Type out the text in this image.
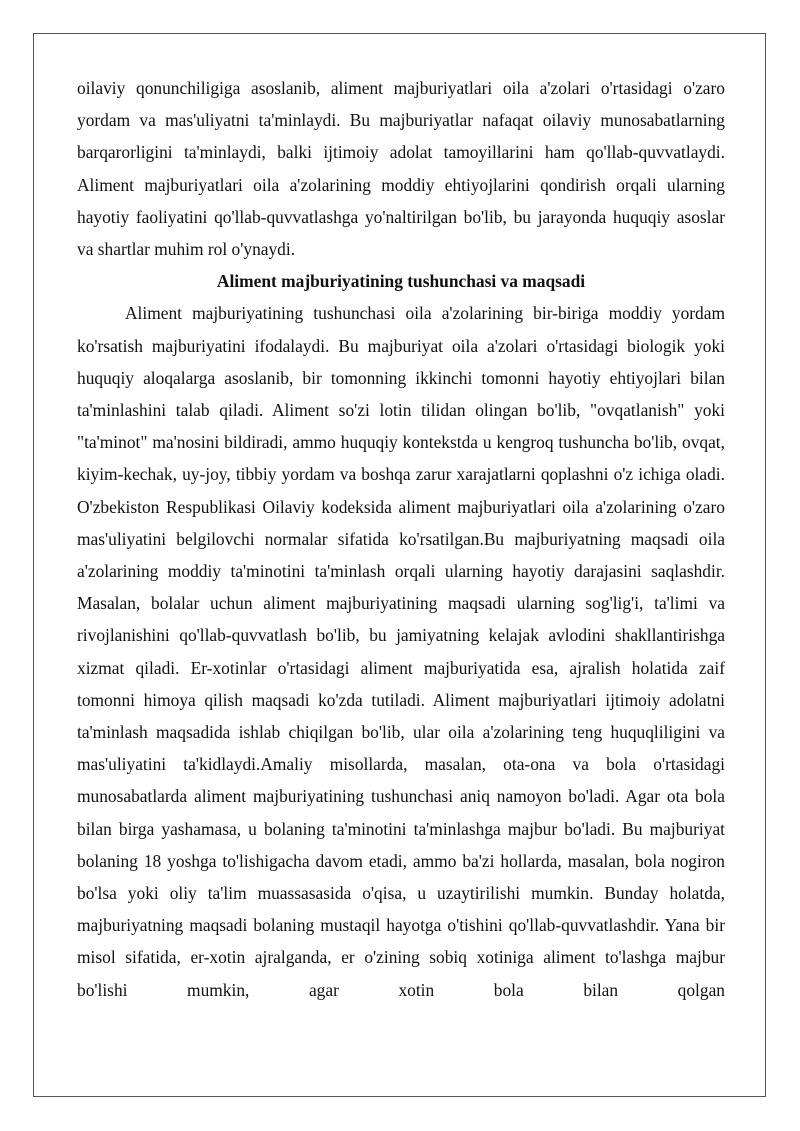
oilaviy qonunchiligiga asoslanib, aliment majburiyatlari oila a'zolari o'rtasidagi o'zaro yordam va mas'uliyatni ta'minlaydi. Bu majburiyatlar nafaqat oilaviy munosabatlarning barqarorligini ta'minlaydi, balki ijtimoiy adolat tamoyillarini ham qo'llab-quvvatlaydi. Aliment majburiyatlari oila a'zolarining moddiy ehtiyojlarini qondirish orqali ularning hayotiy faoliyatini qo'llab-quvvatlashga yo'naltirilgan bo'lib, bu jarayonda huquqiy asoslar va shartlar muhim rol o'ynaydi.

Aliment majburiyatining tushunchasi va maqsadi

Aliment majburiyatining tushunchasi oila a'zolarining bir-biriga moddiy yordam ko'rsatish majburiyatini ifodalaydi. Bu majburiyat oila a'zolari o'rtasidagi biologik yoki huquqiy aloqalarga asoslanib, bir tomonning ikkinchi tomonni hayotiy ehtiyojlari bilan ta'minlashini talab qiladi. Aliment so'zi lotin tilidan olingan bo'lib, "ovqatlanish" yoki "ta'minot" ma'nosini bildiradi, ammo huquqiy kontekstda u kengroq tushuncha bo'lib, ovqat, kiyim-kechak, uy-joy, tibbiy yordam va boshqa zarur xarajatlarni qoplashni o'z ichiga oladi. O'zbekiston Respublikasi Oilaviy kodeksida aliment majburiyatlari oila a'zolarining o'zaro mas'uliyatini belgilovchi normalar sifatida ko'rsatilgan.Bu majburiyatning maqsadi oila a'zolarining moddiy ta'minotini ta'minlash orqali ularning hayotiy darajasini saqlashdir. Masalan, bolalar uchun aliment majburiyatining maqsadi ularning sog'lig'i, ta'limi va rivojlanishini qo'llab-quvvatlash bo'lib, bu jamiyatning kelajak avlodini shakllantirishga xizmat qiladi. Er-xotinlar o'rtasidagi aliment majburiyatida esa, ajralish holatida zaif tomonni himoya qilish maqsadi ko'zda tutiladi. Aliment majburiyatlari ijtimoiy adolatni ta'minlash maqsadida ishlab chiqilgan bo'lib, ular oila a'zolarining teng huquqliligini va mas'uliyatini ta'kidlaydi.Amaliy misollarda, masalan, ota-ona va bola o'rtasidagi munosabatlarda aliment majburiyatining tushunchasi aniq namoyon bo'ladi. Agar ota bola bilan birga yashamasa, u bolaning ta'minotini ta'minlashga majbur bo'ladi. Bu majburiyat bolaning 18 yoshga to'lishigacha davom etadi, ammo ba'zi hollarda, masalan, bola nogiron bo'lsa yoki oliy ta'lim muassasasida o'qisa, u uzaytirilishi mumkin. Bunday holatda, majburiyatning maqsadi bolaning mustaqil hayotga o'tishini qo'llab-quvvatlashdir. Yana bir misol sifatida, er-xotin ajralganda, er o'zining sobiq xotiniga aliment to'lashga majbur bo'lishi mumkin, agar xotin bola bilan qolgan
